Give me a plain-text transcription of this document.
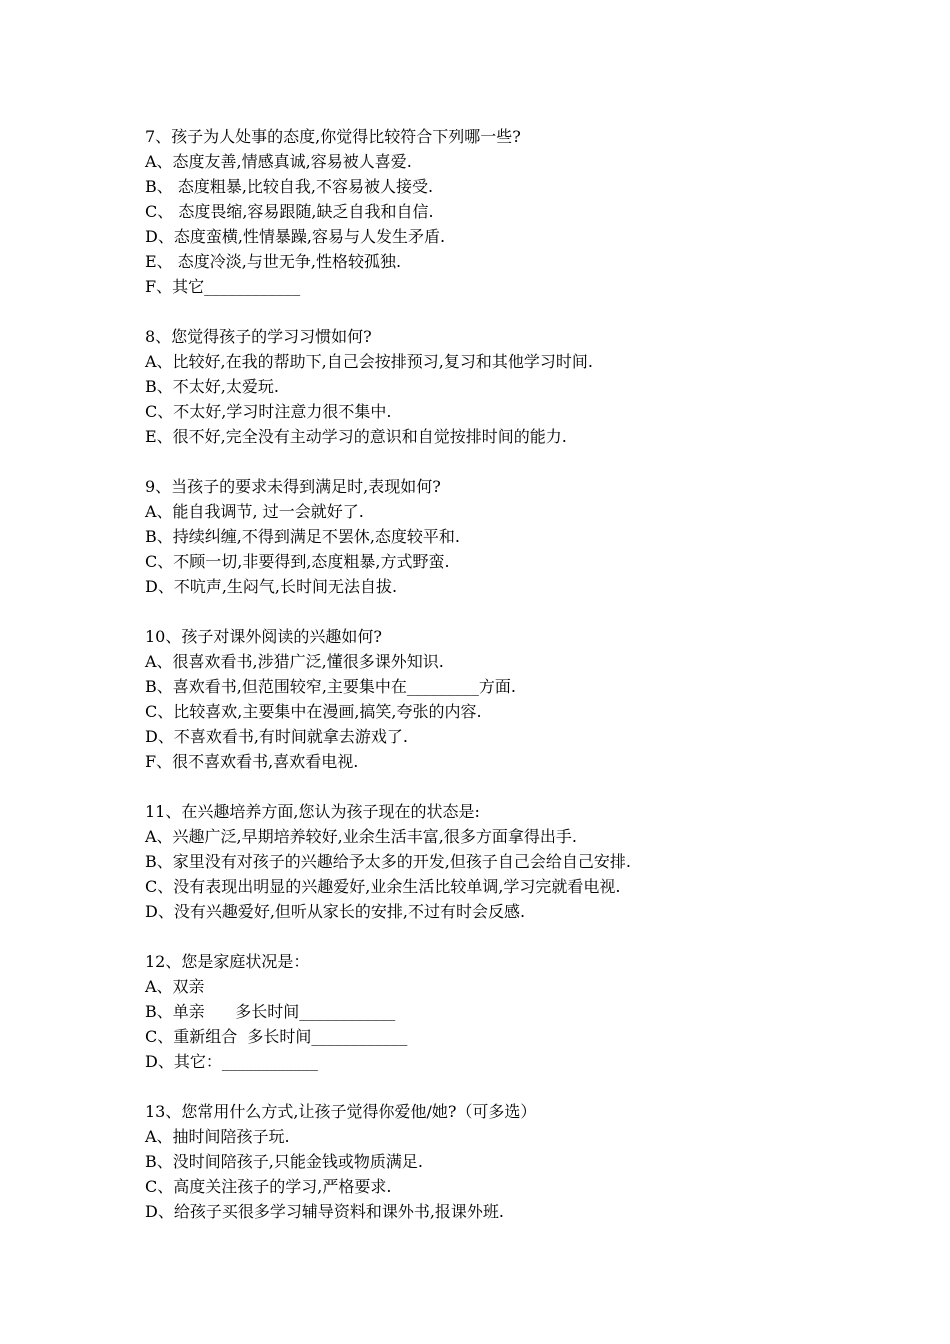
7、孩子为人处事的态度,你觉得比较符合下列哪一些?

A、态度友善,情感真诚,容易被人喜爱.

B、 态度粗暴,比较自我,不容易被人接受.

C、 态度畏缩,容易跟随,缺乏自我和自信.

D、态度蛮横,性情暴躁,容易与人发生矛盾.

E、 态度冷淡,与世无争,性格较孤独.

F、其它____________

8、您觉得孩子的学习习惯如何?

A、比较好,在我的帮助下,自己会按排预习,复习和其他学习时间.

B、不太好,太爱玩.

C、不太好,学习时注意力很不集中.

E、很不好,完全没有主动学习的意识和自觉按排时间的能力.

9、当孩子的要求未得到满足时,表现如何?

A、能自我调节, 过一会就好了.

B、持续纠缠,不得到满足不罢休,态度较平和.

C、不顾一切,非要得到,态度粗暴,方式野蛮.

D、不吭声,生闷气,长时间无法自拔.

10、孩子对课外阅读的兴趣如何?

A、很喜欢看书,涉猎广泛,懂很多课外知识.

B、喜欢看书,但范围较窄,主要集中在_________方面.

C、比较喜欢,主要集中在漫画,搞笑,夸张的内容.

D、不喜欢看书,有时间就拿去游戏了.

F、很不喜欢看书,喜欢看电视.

11、在兴趣培养方面,您认为孩子现在的状态是:

A、兴趣广泛,早期培养较好,业余生活丰富,很多方面拿得出手.

B、家里没有对孩子的兴趣给予太多的开发,但孩子自己会给自己安排.

C、没有表现出明显的兴趣爱好,业余生活比较单调,学习完就看电视.

D、没有兴趣爱好,但听从家长的安排,不过有时会反感.

12、您是家庭状况是：

A、双亲

B、单亲      多长时间____________

C、重新组合  多长时间____________

D、其它：____________

13、您常用什么方式,让孩子觉得你爱他/她?（可多选）

A、抽时间陪孩子玩.

B、没时间陪孩子,只能金钱或物质满足.

C、高度关注孩子的学习,严格要求.

D、给孩子买很多学习辅导资料和课外书,报课外班.
